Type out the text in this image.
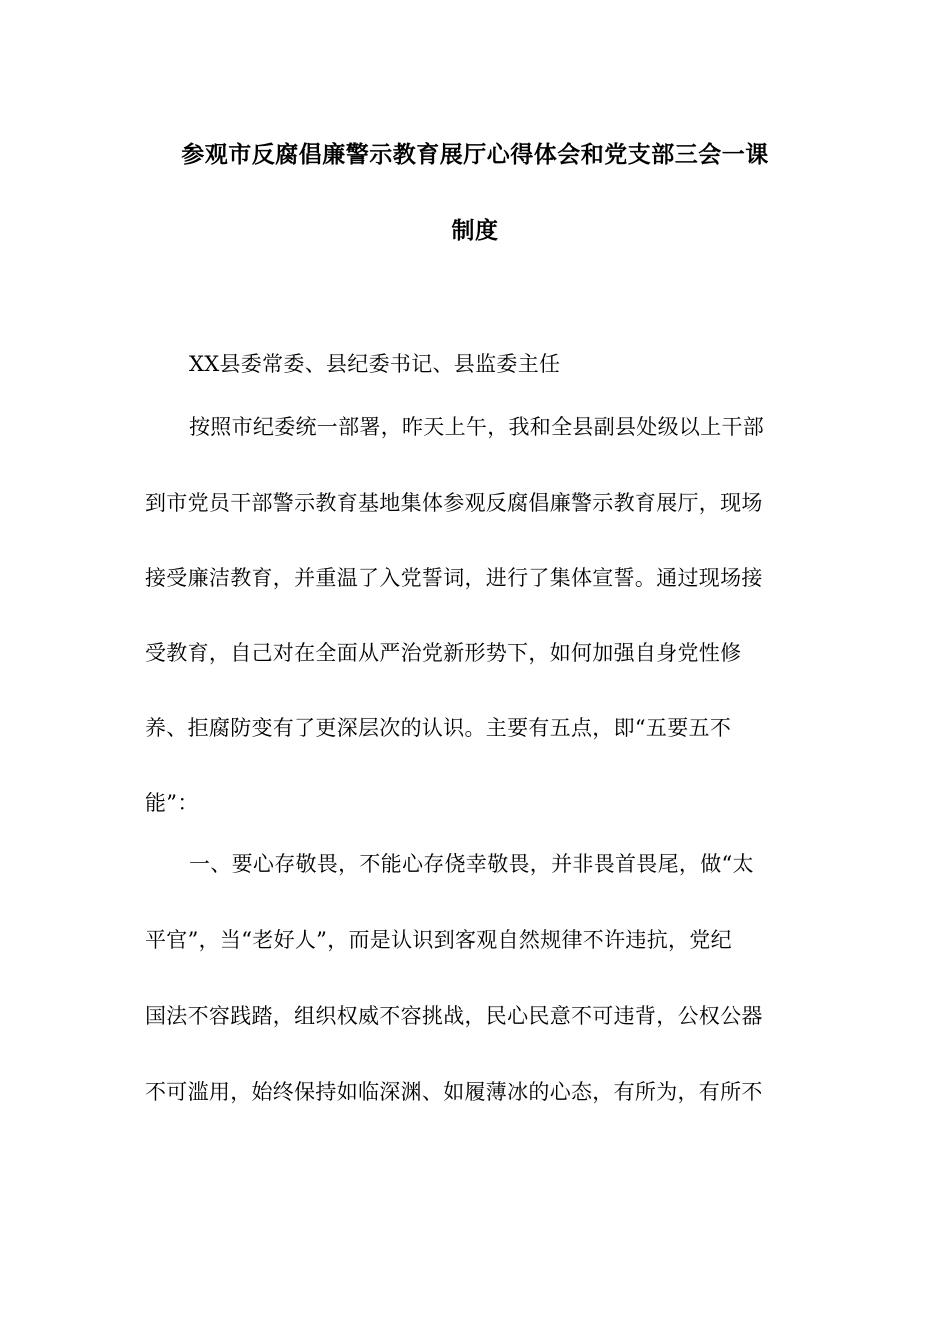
参观市反腐倡廉警示教育展厅心得体会和党支部三会一课
制度
XX县委常委、县纪委书记、县监委主任
按照市纪委统一部署，昨天上午，我和全县副县处级以上干部
到市党员干部警示教育基地集体参观反腐倡廉警示教育展厅，现场
接受廉洁教育，并重温了入党誓词，进行了集体宣誓。通过现场接
受教育，自己对在全面从严治党新形势下，如何加强自身党性修
养、拒腐防变有了更深层次的认识。主要有五点，即“五要五不
能”：
一、要心存敬畏，不能心存侥幸敬畏，并非畏首畏尾，做“太
平官”，当“老好人”，而是认识到客观自然规律不许违抗，党纪
国法不容践踏，组织权威不容挑战，民心民意不可违背，公权公器
不可滥用，始终保持如临深渊、如履薄冰的心态，有所为，有所不
